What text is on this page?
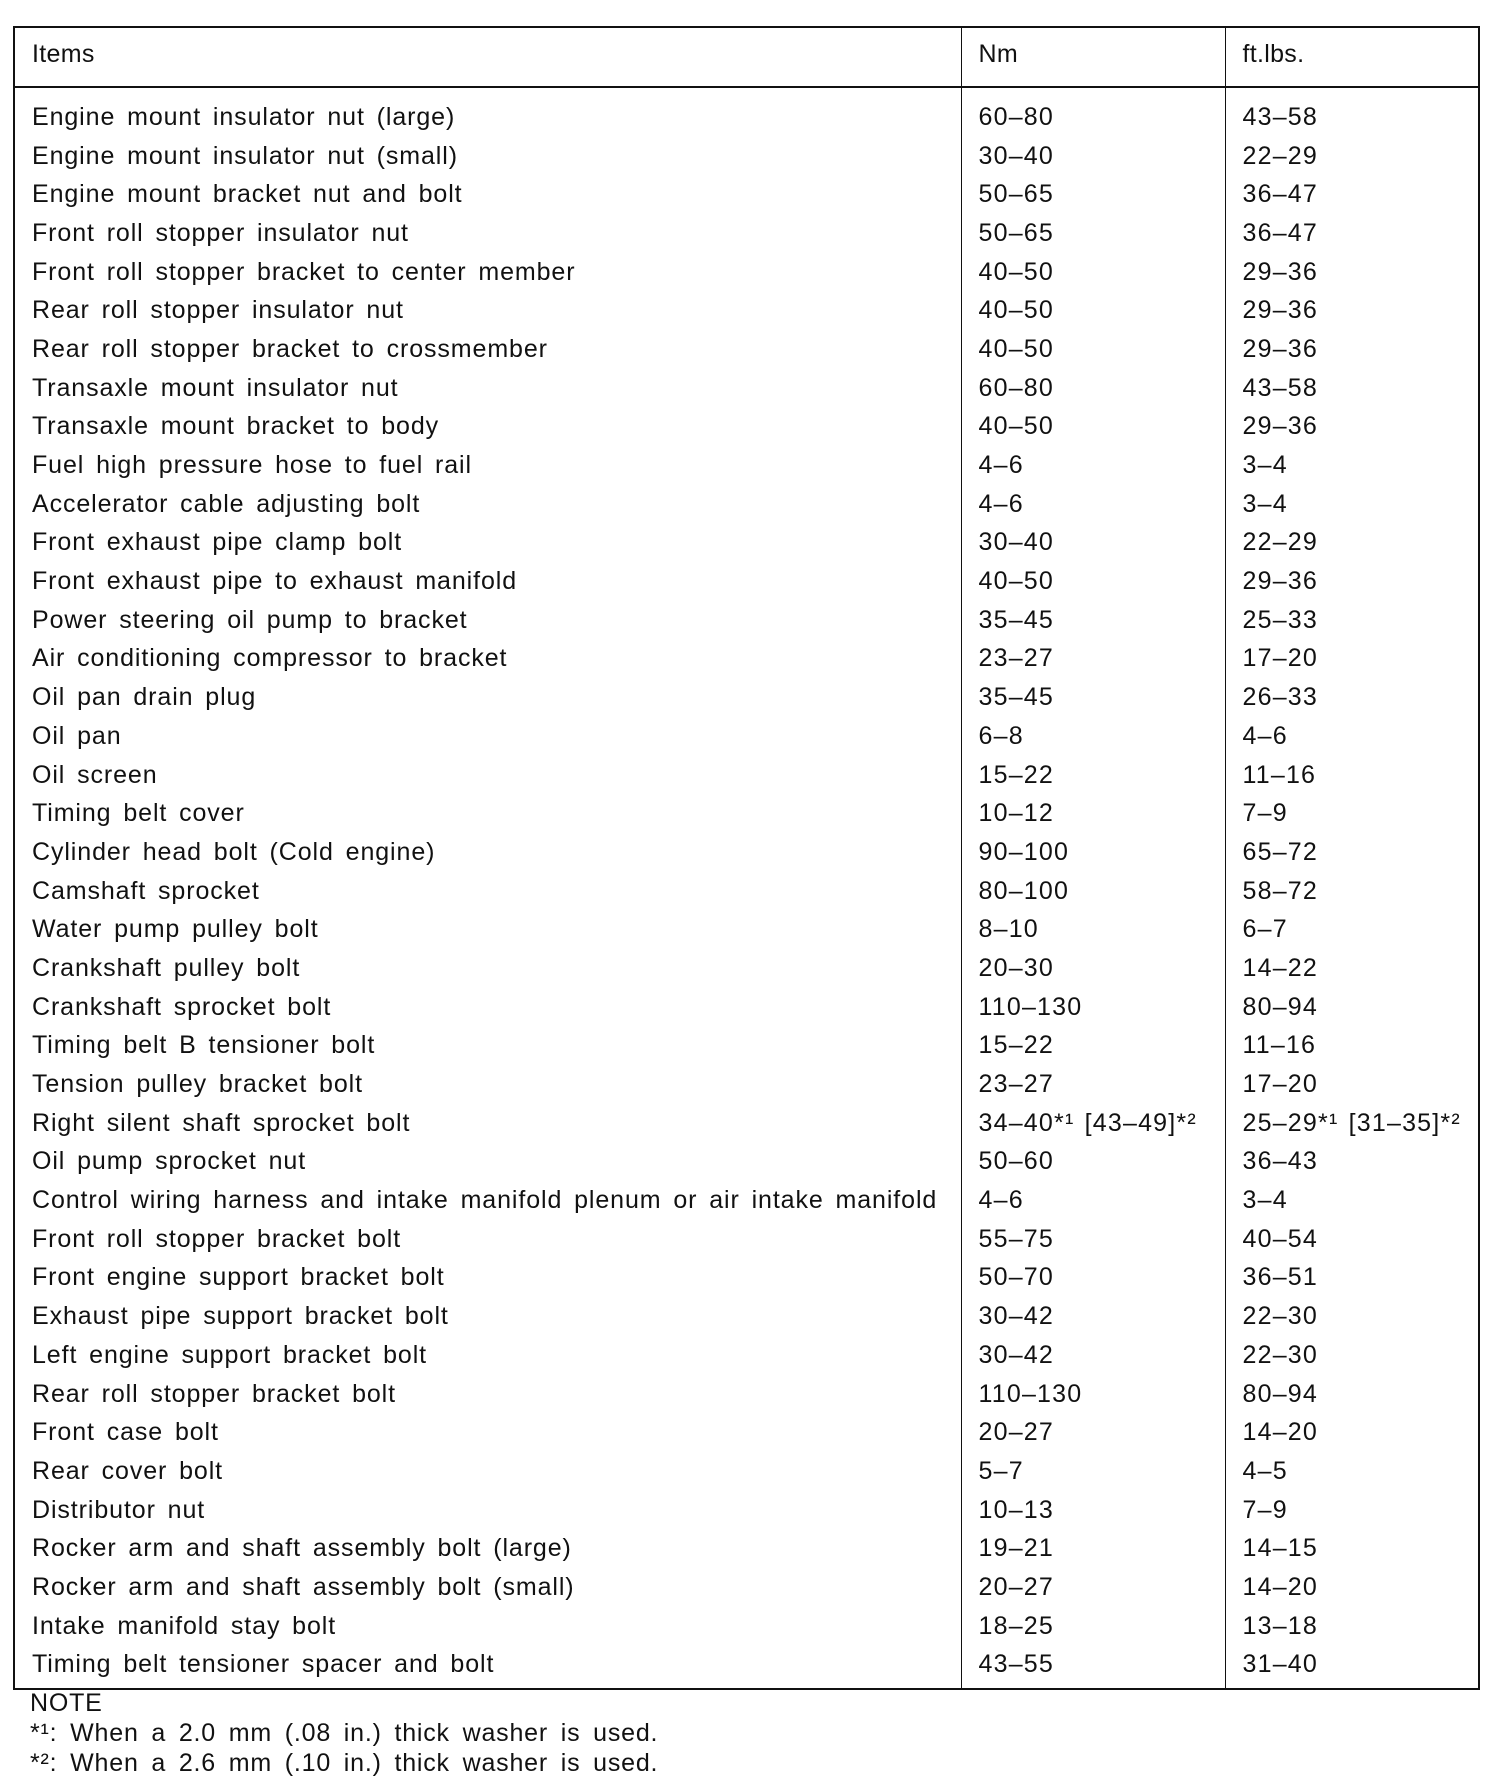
Items	Nm	ft.lbs.
Engine mount insulator nut (large)	60–80	43–58
Engine mount insulator nut (small)	30–40	22–29
Engine mount bracket nut and bolt	50–65	36–47
Front roll stopper insulator nut	50–65	36–47
Front roll stopper bracket to center member	40–50	29–36
Rear roll stopper insulator nut	40–50	29–36
Rear roll stopper bracket to crossmember	40–50	29–36
Transaxle mount insulator nut	60–80	43–58
Transaxle mount bracket to body	40–50	29–36
Fuel high pressure hose to fuel rail	4–6	3–4
Accelerator cable adjusting bolt	4–6	3–4
Front exhaust pipe clamp bolt	30–40	22–29
Front exhaust pipe to exhaust manifold	40–50	29–36
Power steering oil pump to bracket	35–45	25–33
Air conditioning compressor to bracket	23–27	17–20
Oil pan drain plug	35–45	26–33
Oil pan	6–8	4–6
Oil screen	15–22	11–16
Timing belt cover	10–12	7–9
Cylinder head bolt (Cold engine)	90–100	65–72
Camshaft sprocket	80–100	58–72
Water pump pulley bolt	8–10	6–7
Crankshaft pulley bolt	20–30	14–22
Crankshaft sprocket bolt	110–130	80–94
Timing belt B tensioner bolt	15–22	11–16
Tension pulley bracket bolt	23–27	17–20
Right silent shaft sprocket bolt	34–40*¹ [43–49]*²	25–29*¹ [31–35]*²
Oil pump sprocket nut	50–60	36–43
Control wiring harness and intake manifold plenum or air intake manifold	4–6	3–4
Front roll stopper bracket bolt	55–75	40–54
Front engine support bracket bolt	50–70	36–51
Exhaust pipe support bracket bolt	30–42	22–30
Left engine support bracket bolt	30–42	22–30
Rear roll stopper bracket bolt	110–130	80–94
Front case bolt	20–27	14–20
Rear cover bolt	5–7	4–5
Distributor nut	10–13	7–9
Rocker arm and shaft assembly bolt (large)	19–21	14–15
Rocker arm and shaft assembly bolt (small)	20–27	14–20
Intake manifold stay bolt	18–25	13–18
Timing belt tensioner spacer and bolt	43–55	31–40
NOTE
*¹: When a 2.0 mm (.08 in.) thick washer is used.
*²: When a 2.6 mm (.10 in.) thick washer is used.
